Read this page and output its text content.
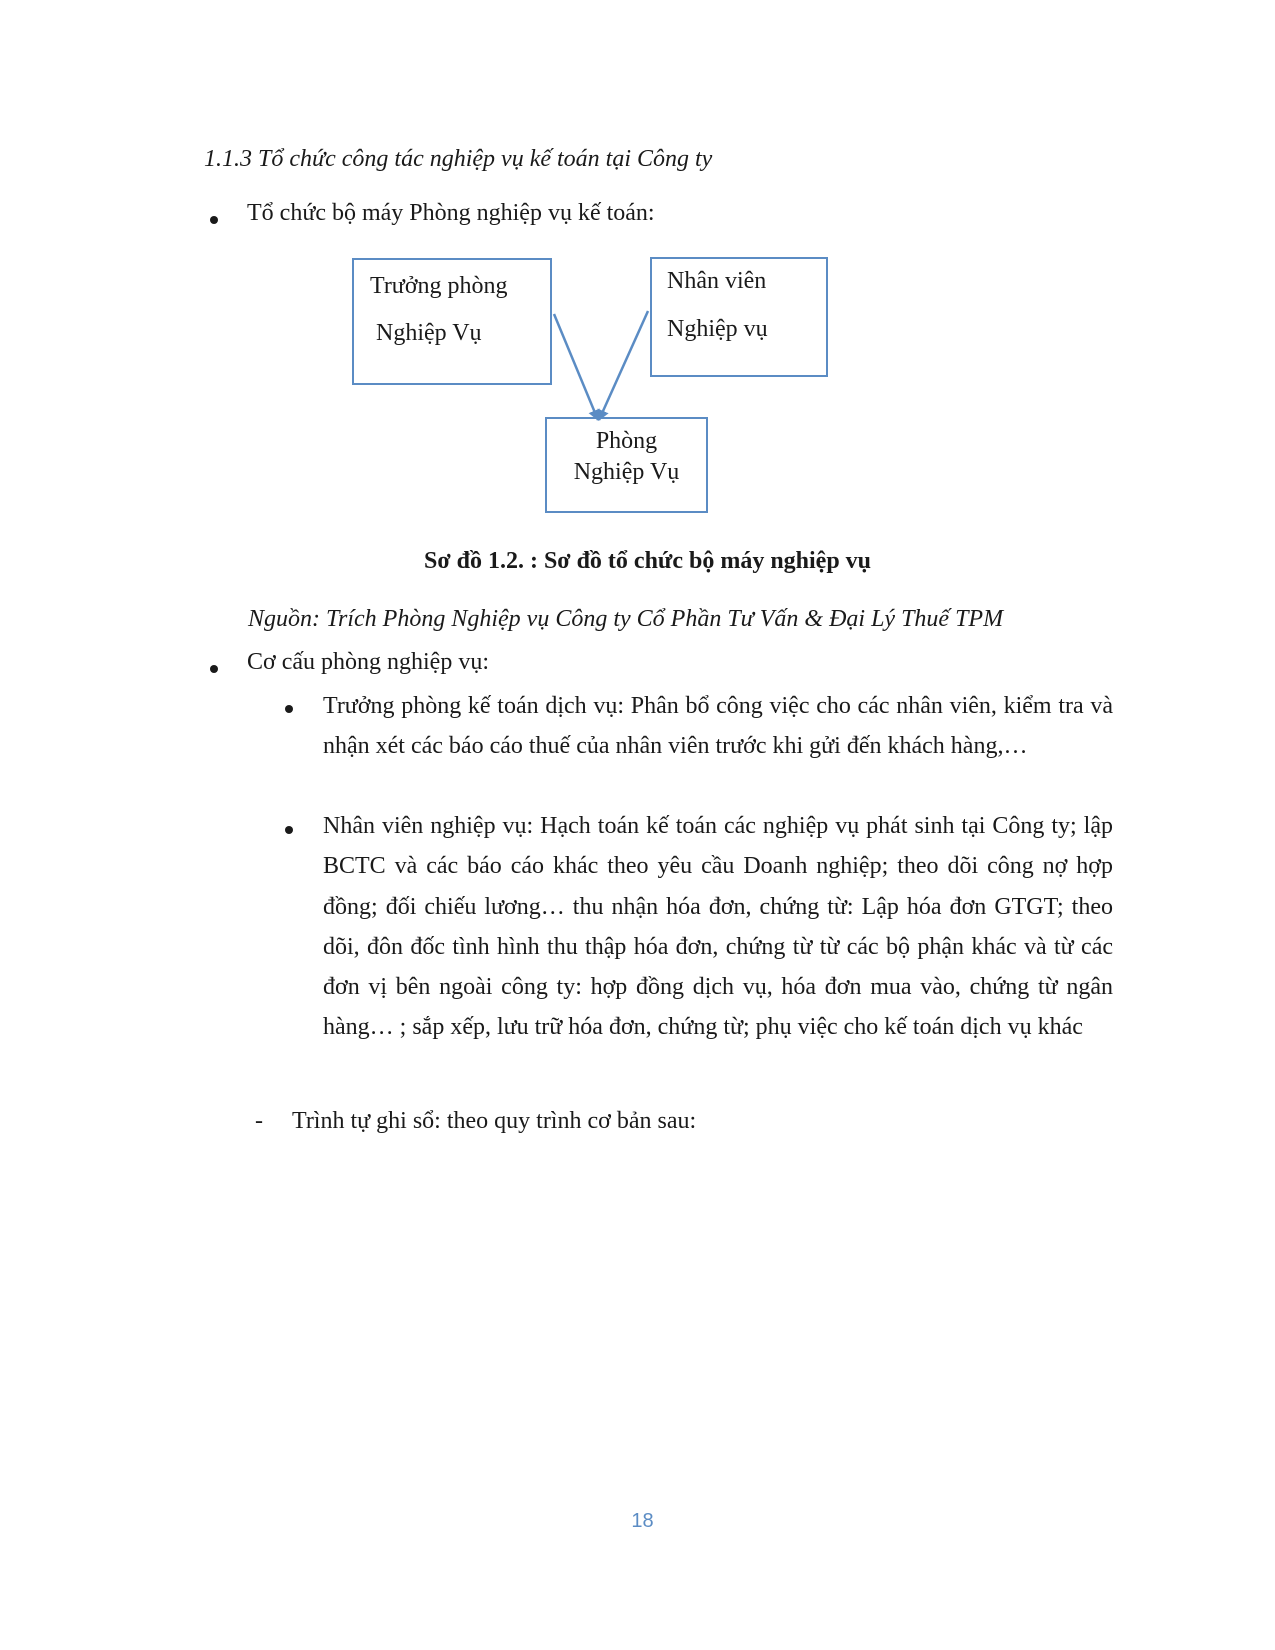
1.1.3 Tổ chức công tác nghiệp vụ kế toán tại Công ty
Tổ chức bộ máy Phòng nghiệp vụ kế toán:
Trưởng phòng
Nghiệp Vụ
Nhân viên
Nghiệp vụ
Phòng
Nghiệp Vụ
Sơ đồ 1.2. : Sơ đồ tổ chức bộ máy nghiệp vụ
Nguồn: Trích Phòng Nghiệp vụ Công ty Cổ Phần Tư Vấn & Đại Lý Thuế TPM
Cơ cấu phòng nghiệp vụ:
Trưởng phòng kế toán dịch vụ: Phân bổ công việc cho các nhân viên, kiểm tra và nhận xét các báo cáo thuế của nhân viên trước khi gửi đến khách hàng,…
Nhân viên nghiệp vụ: Hạch toán kế toán các nghiệp vụ phát sinh tại Công ty; lập BCTC và các báo cáo khác theo yêu cầu Doanh nghiệp; theo dõi công nợ hợp đồng; đối chiếu lương… thu nhận hóa đơn, chứng từ: Lập hóa đơn GTGT; theo dõi, đôn đốc tình hình thu thập hóa đơn, chứng từ từ các bộ phận khác và từ các đơn vị bên ngoài công ty: hợp đồng dịch vụ, hóa đơn mua vào, chứng từ ngân hàng… ; sắp xếp, lưu trữ hóa đơn, chứng từ; phụ việc cho kế toán dịch vụ khác
- Trình tự ghi sổ: theo quy trình cơ bản sau:
18
